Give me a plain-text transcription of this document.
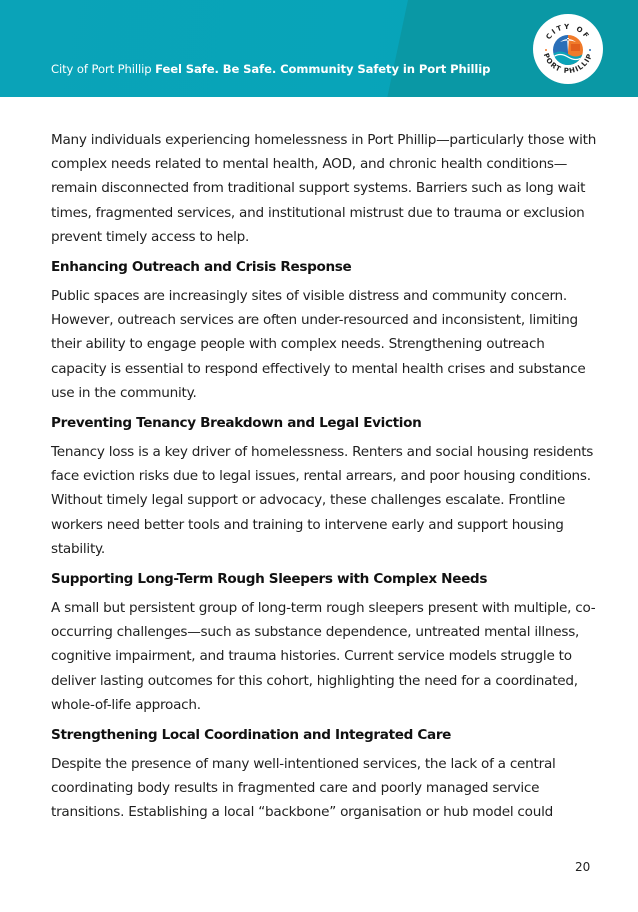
City of Port Phillip Feel Safe. Be Safe. Community Safety in Port Phillip
CITY OF
PORT PHILLIP

Many individuals experiencing homelessness in Port Phillip—particularly those with complex needs related to mental health, AOD, and chronic health conditions—remain disconnected from traditional support systems. Barriers such as long wait times, fragmented services, and institutional mistrust due to trauma or exclusion prevent timely access to help.

Enhancing Outreach and Crisis Response

Public spaces are increasingly sites of visible distress and community concern. However, outreach services are often under-resourced and inconsistent, limiting their ability to engage people with complex needs. Strengthening outreach capacity is essential to respond effectively to mental health crises and substance use in the community.

Preventing Tenancy Breakdown and Legal Eviction

Tenancy loss is a key driver of homelessness. Renters and social housing residents face eviction risks due to legal issues, rental arrears, and poor housing conditions. Without timely legal support or advocacy, these challenges escalate. Frontline workers need better tools and training to intervene early and support housing stability.

Supporting Long-Term Rough Sleepers with Complex Needs

A small but persistent group of long-term rough sleepers present with multiple, co-occurring challenges—such as substance dependence, untreated mental illness, cognitive impairment, and trauma histories. Current service models struggle to deliver lasting outcomes for this cohort, highlighting the need for a coordinated, whole-of-life approach.

Strengthening Local Coordination and Integrated Care

Despite the presence of many well-intentioned services, the lack of a central coordinating body results in fragmented care and poorly managed service transitions. Establishing a local “backbone” organisation or hub model could

20
